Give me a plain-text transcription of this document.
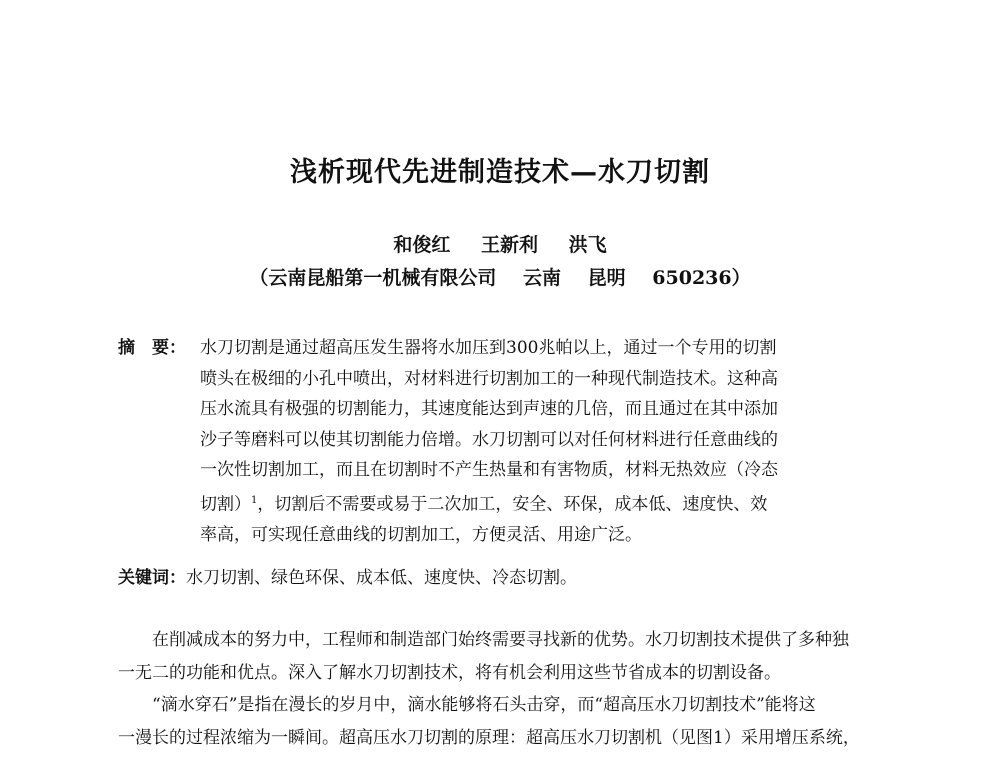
浅析现代先进制造技术—水刀切割
和俊红 王新利 洪飞
（云南昆船第一机械有限公司 云南 昆明 650236）
摘　要： 水刀切割是通过超高压发生器将水加压到300兆帕以上，通过一个专用的切割
喷头在极细的小孔中喷出，对材料进行切割加工的一种现代制造技术。这种高
压水流具有极强的切割能力，其速度能达到声速的几倍，而且通过在其中添加
沙子等磨料可以使其切割能力倍增。水刀切割可以对任何材料进行任意曲线的
一次性切割加工，而且在切割时不产生热量和有害物质，材料无热效应（冷态
切割）$^1$，切割后不需要或易于二次加工，安全、环保，成本低、速度快、效
率高，可实现任意曲线的切割加工，方便灵活、用途广泛。
关键词：水刀切割、绿色环保、成本低、速度快、冷态切割。
在削减成本的努力中，工程师和制造部门始终需要寻找新的优势。水刀切割技术提供了多种独
一无二的功能和优点。深入了解水刀切割技术，将有机会利用这些节省成本的切割设备。
“滴水穿石”是指在漫长的岁月中，滴水能够将石头击穿，而“超高压水刀切割技术”能将这
一漫长的过程浓缩为一瞬间。超高压水刀切割的原理：超高压水刀切割机（见图1）采用增压系统，
